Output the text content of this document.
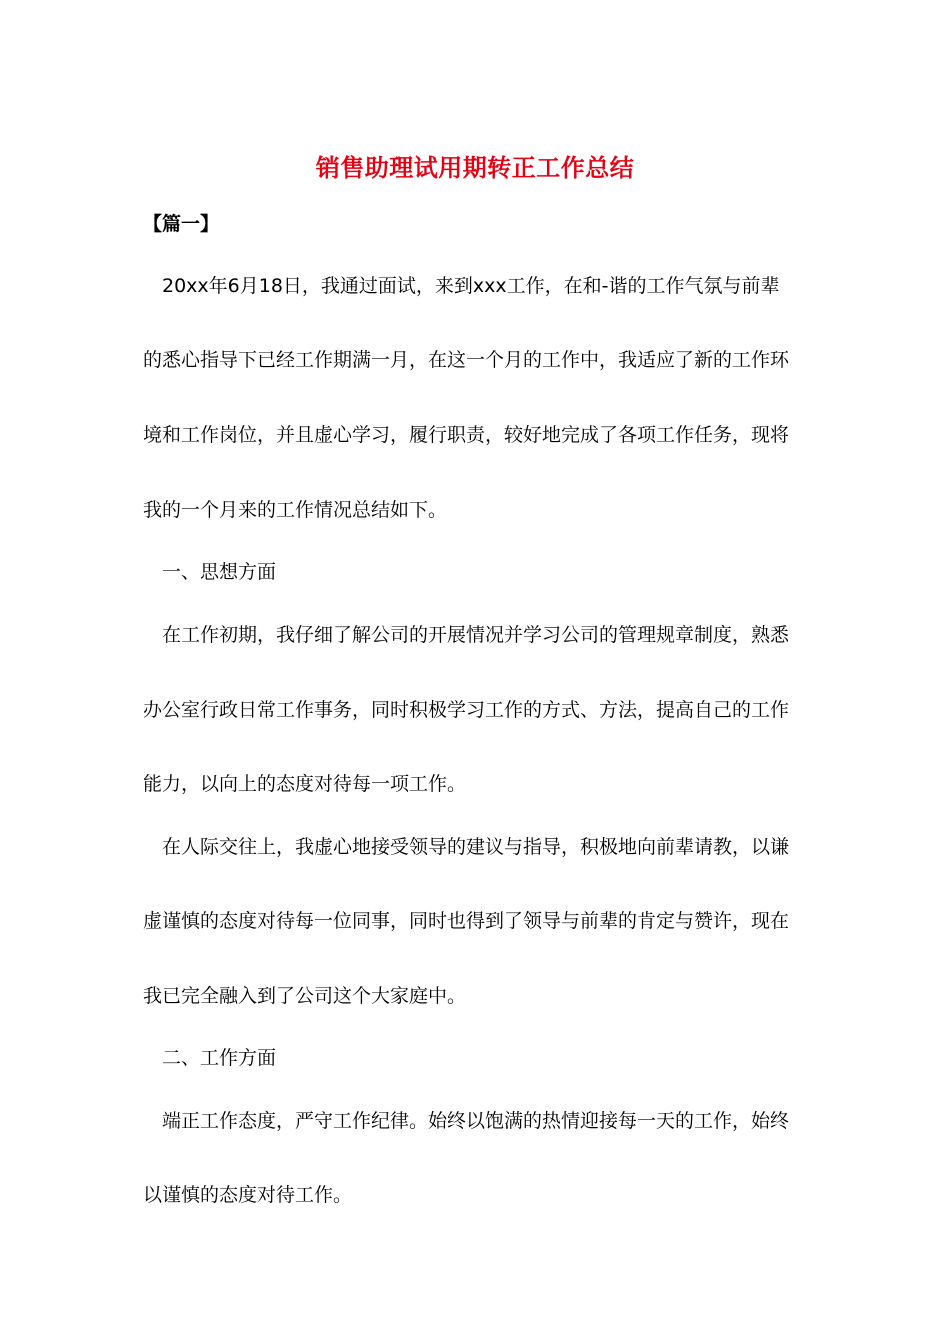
销售助理试用期转正工作总结
【篇一】
20xx年6月18日，我通过面试，来到xxx工作，在和-谐的工作气氛与前辈
的悉心指导下已经工作期满一月，在这一个月的工作中，我适应了新的工作环
境和工作岗位，并且虚心学习，履行职责，较好地完成了各项工作任务，现将
我的一个月来的工作情况总结如下。
一、思想方面
在工作初期，我仔细了解公司的开展情况并学习公司的管理规章制度，熟悉
办公室行政日常工作事务，同时积极学习工作的方式、方法，提高自己的工作
能力，以向上的态度对待每一项工作。
在人际交往上，我虚心地接受领导的建议与指导，积极地向前辈请教，以谦
虚谨慎的态度对待每一位同事，同时也得到了领导与前辈的肯定与赞许，现在
我已完全融入到了公司这个大家庭中。
二、工作方面
端正工作态度，严守工作纪律。始终以饱满的热情迎接每一天的工作，始终
以谨慎的态度对待工作。
